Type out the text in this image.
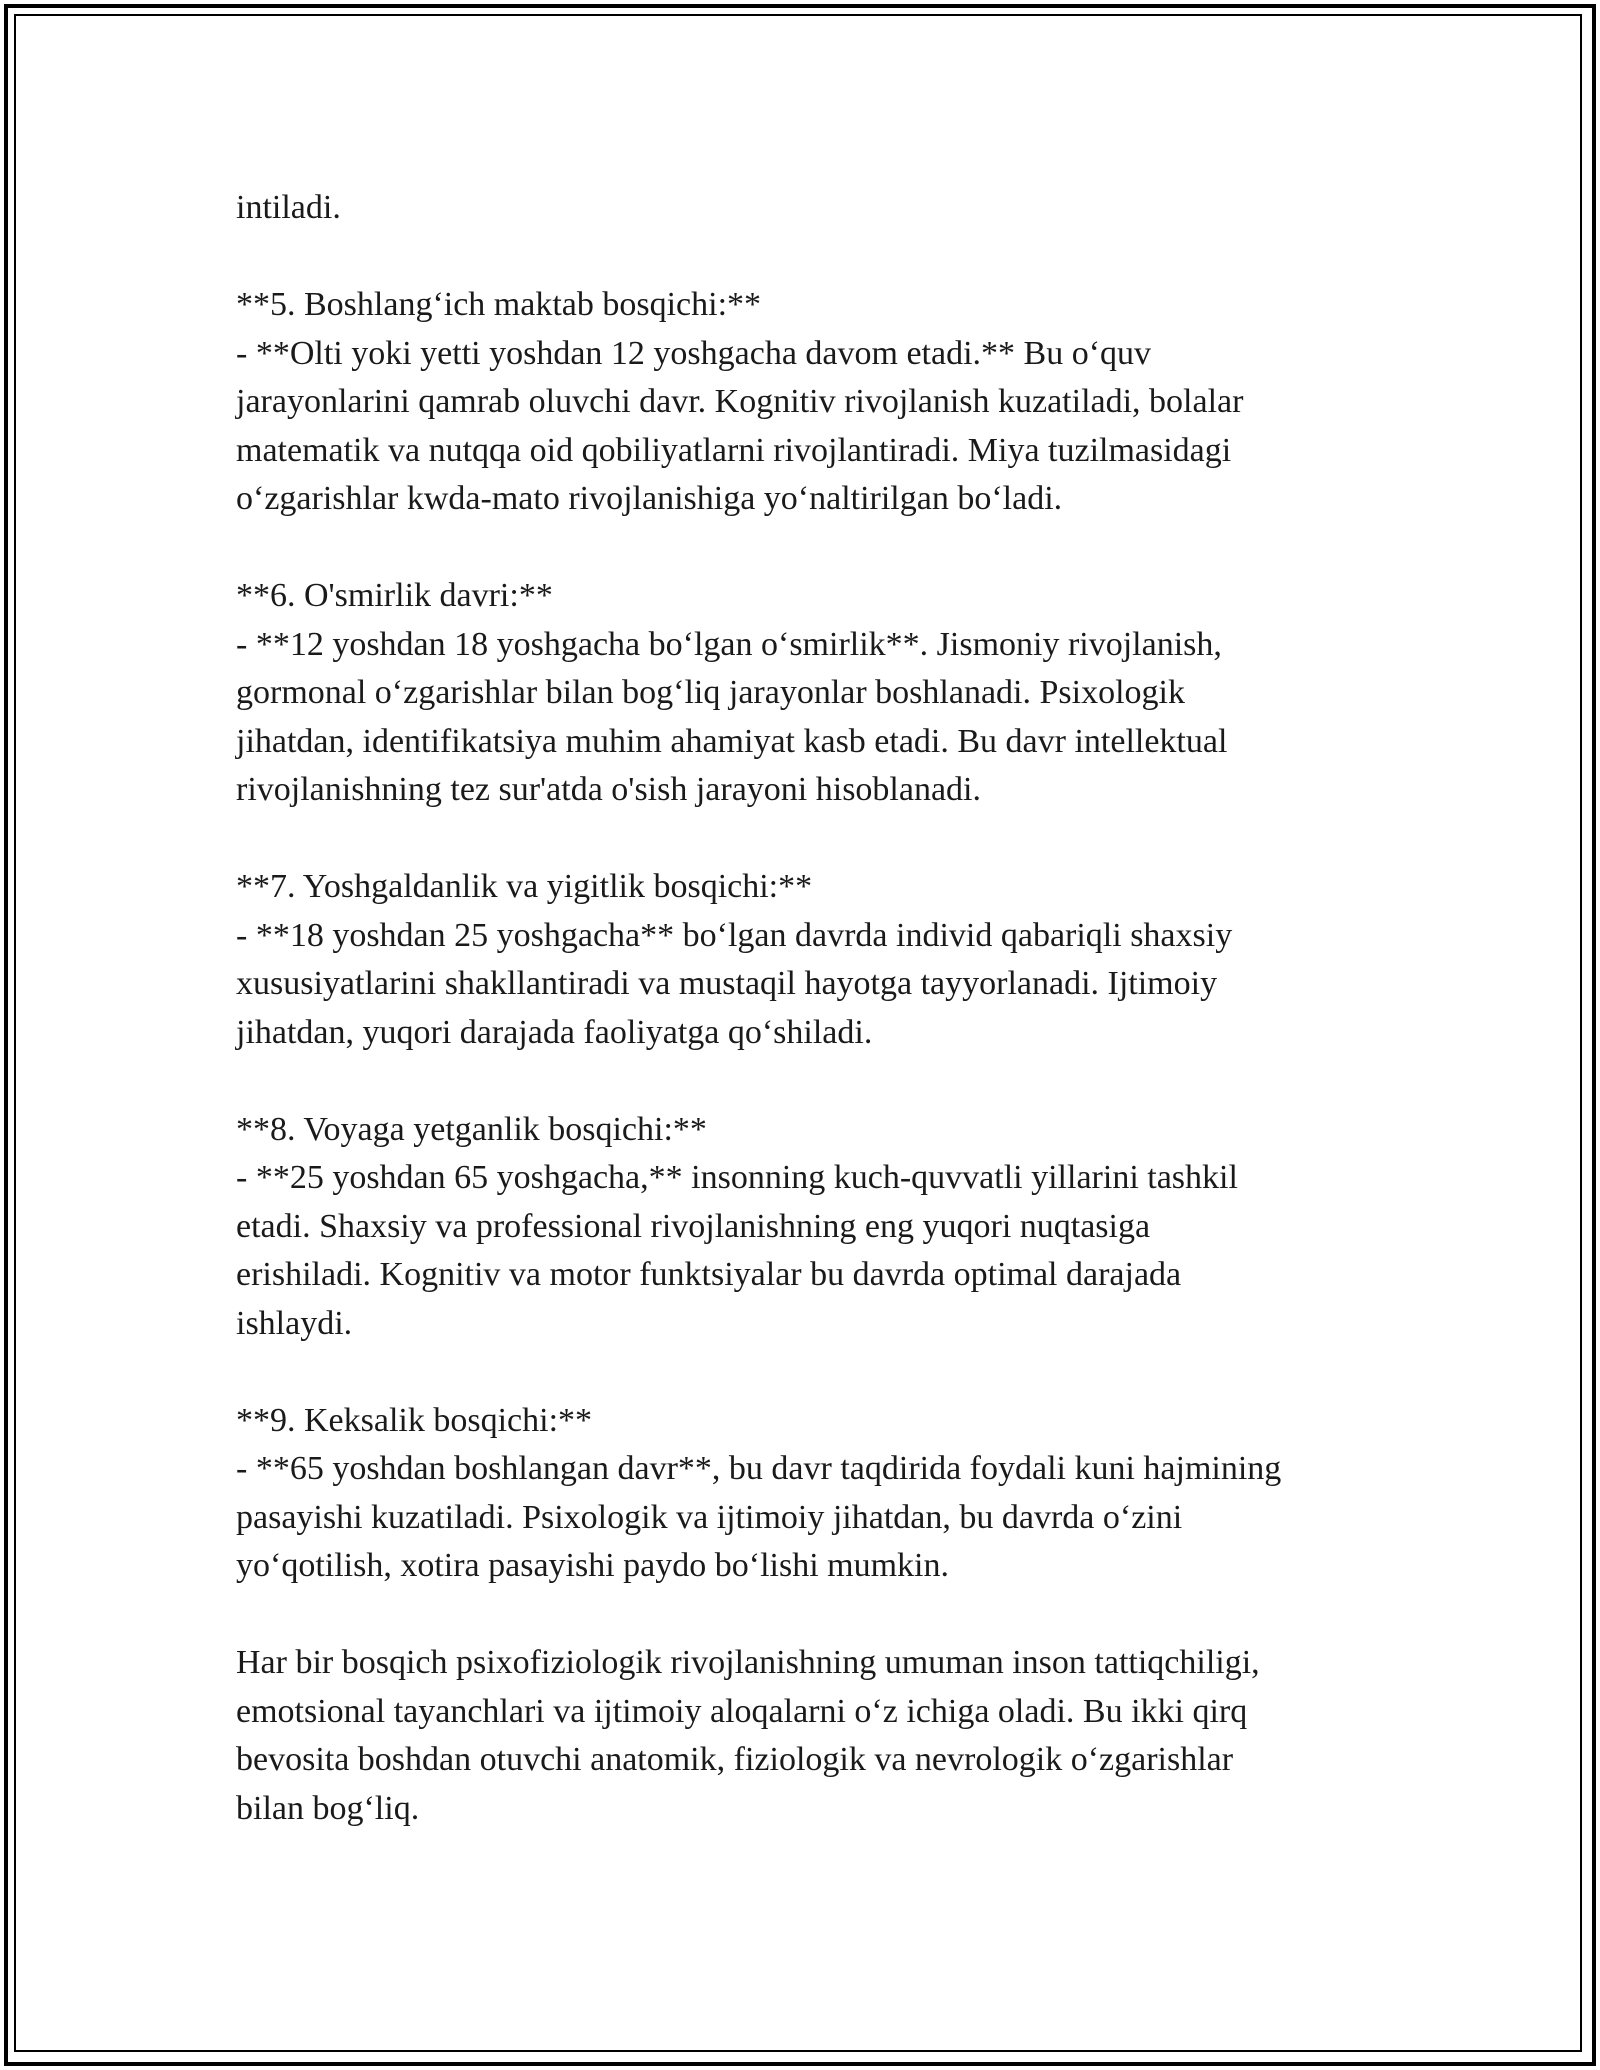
intiladi.

**5. Boshlang‘ich maktab bosqichi:**

- **Olti yoki yetti yoshdan 12 yoshgacha davom etadi.** Bu o‘quv

jarayonlarini qamrab oluvchi davr. Kognitiv rivojlanish kuzatiladi, bolalar

matematik va nutqqa oid qobiliyatlarni rivojlantiradi. Miya tuzilmasidagi

o‘zgarishlar kwda-mato rivojlanishiga yo‘naltirilgan bo‘ladi.

**6. O'smirlik davri:**

- **12 yoshdan 18 yoshgacha bo‘lgan o‘smirlik**. Jismoniy rivojlanish,

gormonal o‘zgarishlar bilan bog‘liq jarayonlar boshlanadi. Psixologik

jihatdan, identifikatsiya muhim ahamiyat kasb etadi. Bu davr intellektual

rivojlanishning tez sur'atda o'sish jarayoni hisoblanadi.

**7. Yoshgaldanlik va yigitlik bosqichi:**

- **18 yoshdan 25 yoshgacha** bo‘lgan davrda individ qabariqli shaxsiy

xususiyatlarini shakllantiradi va mustaqil hayotga tayyorlanadi. Ijtimoiy

jihatdan, yuqori darajada faoliyatga qo‘shiladi.

**8. Voyaga yetganlik bosqichi:**

- **25 yoshdan 65 yoshgacha,** insonning kuch-quvvatli yillarini tashkil

etadi. Shaxsiy va professional rivojlanishning eng yuqori nuqtasiga

erishiladi. Kognitiv va motor funktsiyalar bu davrda optimal darajada

ishlaydi.

**9. Keksalik bosqichi:**

- **65 yoshdan boshlangan davr**, bu davr taqdirida foydali kuni hajmining

pasayishi kuzatiladi. Psixologik va ijtimoiy jihatdan, bu davrda o‘zini

yo‘qotilish, xotira pasayishi paydo bo‘lishi mumkin.

Har bir bosqich psixofiziologik rivojlanishning umuman inson tattiqchiligi,

emotsional tayanchlari va ijtimoiy aloqalarni o‘z ichiga oladi. Bu ikki qirq

bevosita boshdan otuvchi anatomik, fiziologik va nevrologik o‘zgarishlar

bilan bog‘liq.
